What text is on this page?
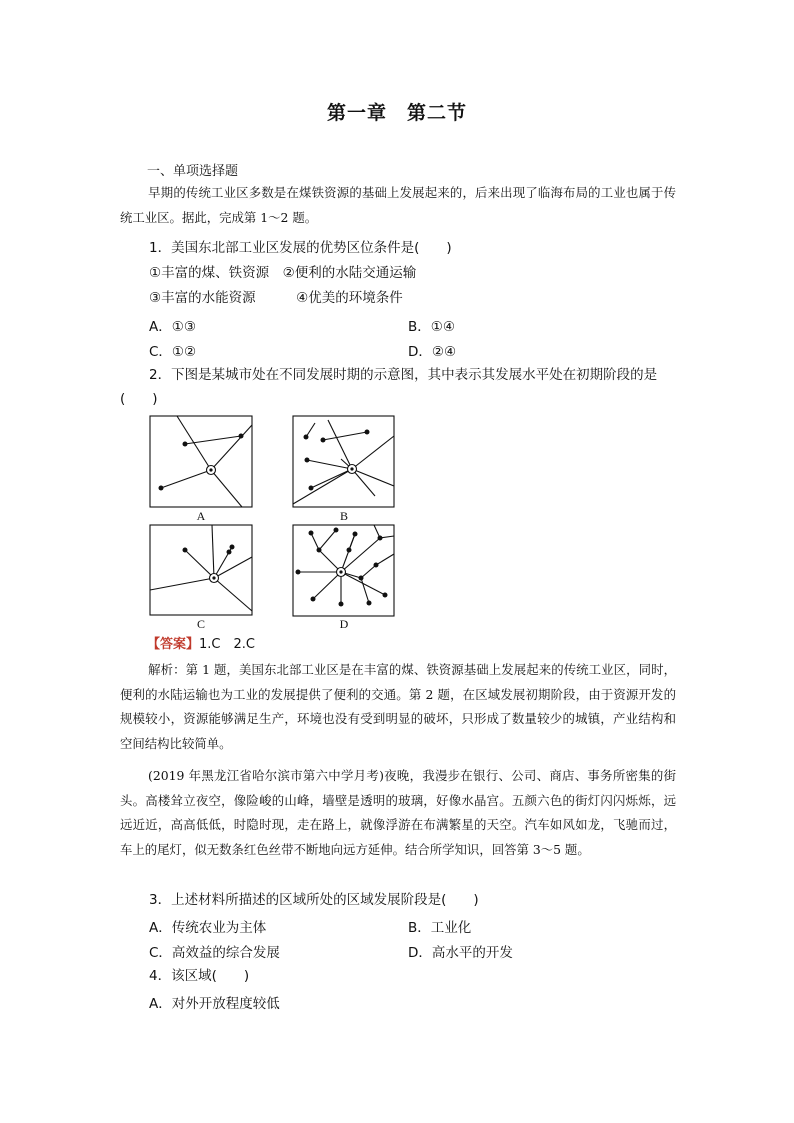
第一章　第二节
一、单项选择题
早期的传统工业区多数是在煤铁资源的基础上发展起来的，后来出现了临海布局的工业也属于传统工业区。据此，完成第 1～2 题。
1．美国东北部工业区发展的优势区位条件是(　　)
①丰富的煤、铁资源　②便利的水陆交通运输
③丰富的水能资源　　　④优美的环境条件
A．①③	B．①④
C．①②	D．②④
2．下图是某城市处在不同发展时期的示意图，其中表示其发展水平处在初期阶段的是
(　　)
A	B
C	D
【答案】1.C　2.C
解析：第 1 题，美国东北部工业区是在丰富的煤、铁资源基础上发展起来的传统工业区，同时，便利的水陆运输也为工业的发展提供了便利的交通。第 2 题，在区域发展初期阶段，由于资源开发的规模较小，资源能够满足生产，环境也没有受到明显的破坏，只形成了数量较少的城镇，产业结构和空间结构比较简单。
(2019 年黑龙江省哈尔滨市第六中学月考)夜晚，我漫步在银行、公司、商店、事务所密集的街头。高楼耸立夜空，像险峻的山峰，墙壁是透明的玻璃，好像水晶宫。五颜六色的街灯闪闪烁烁，远远近近，高高低低，时隐时现，走在路上，就像浮游在布满繁星的天空。汽车如风如龙，飞驰而过，车上的尾灯，似无数条红色丝带不断地向远方延伸。结合所学知识，回答第 3～5 题。
3．上述材料所描述的区域所处的区域发展阶段是(　　)
A．传统农业为主体	B．工业化
C．高效益的综合发展	D．高水平的开发
4．该区域(　　)
A．对外开放程度较低
